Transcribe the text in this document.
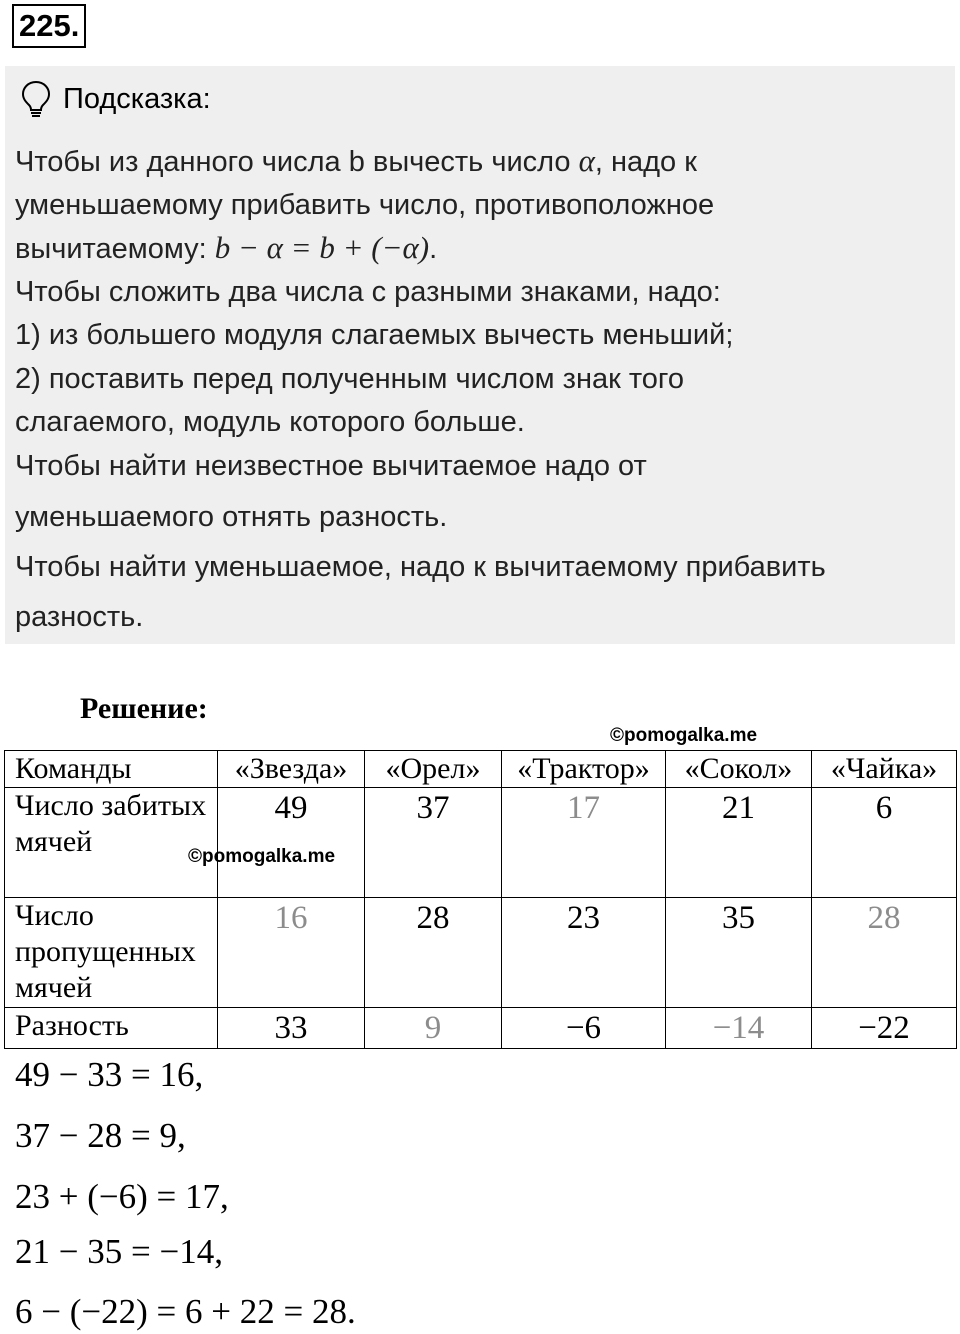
225.
Подсказка:
Чтобы из данного числа b вычесть число α, надо к
уменьшаемому прибавить число, противоположное
вычитаемому: b − α = b + (−α).
Чтобы сложить два числа с разными знаками, надо:
1) из большего модуля слагаемых вычесть меньший;
2) поставить перед полученным числом знак того
слагаемого, модуль которого больше.
Чтобы найти неизвестное вычитаемое надо от
уменьшаемого отнять разность.
Чтобы найти уменьшаемое, надо к вычитаемому прибавить
разность.
Решение:
©pomogalka.me
Команды	«Звезда»	«Орел»	«Трактор»	«Сокол»	«Чайка»
Число забитых мячей	49	37	17	21	6
Число пропущенных мячей	16	28	23	35	28
Разность	33	9	−6	−14	−22
©pomogalka.me
49 − 33 = 16,
37 − 28 = 9,
23 + (−6) = 17,
21 − 35 = −14,
6 − (−22) = 6 + 22 = 28.
